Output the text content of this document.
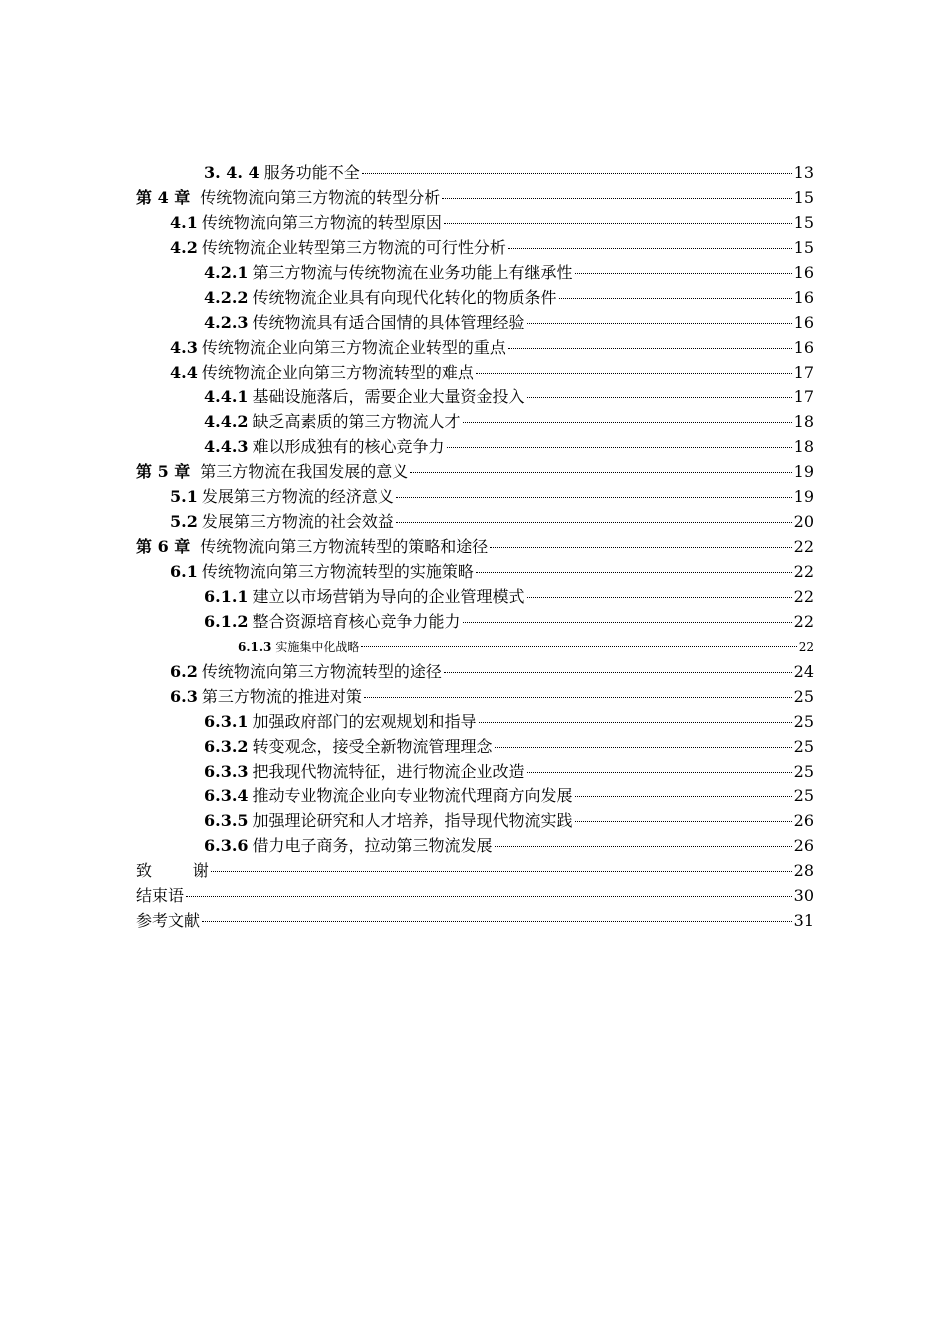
3. 4. 4 服务功能不全	13
第 4 章 传统物流向第三方物流的转型分析	15
4.1 传统物流向第三方物流的转型原因	15
4.2 传统物流企业转型第三方物流的可行性分析	15
4.2.1 第三方物流与传统物流在业务功能上有继承性	16
4.2.2 传统物流企业具有向现代化转化的物质条件	16
4.2.3 传统物流具有适合国情的具体管理经验	16
4.3 传统物流企业向第三方物流企业转型的重点	16
4.4 传统物流企业向第三方物流转型的难点	17
4.4.1 基础设施落后，需要企业大量资金投入	17
4.4.2 缺乏高素质的第三方物流人才	18
4.4.3 难以形成独有的核心竞争力	18
第 5 章 第三方物流在我国发展的意义	19
5.1 发展第三方物流的经济意义	19
5.2 发展第三方物流的社会效益	20
第 6 章 传统物流向第三方物流转型的策略和途径	22
6.1 传统物流向第三方物流转型的实施策略	22
6.1.1 建立以市场营销为导向的企业管理模式	22
6.1.2 整合资源培育核心竞争力能力	22
6.1.3 实施集中化战略	22
6.2 传统物流向第三方物流转型的途径	24
6.3 第三方物流的推进对策	25
6.3.1 加强政府部门的宏观规划和指导	25
6.3.2 转变观念，接受全新物流管理理念	25
6.3.3 把我现代物流特征，进行物流企业改造	25
6.3.4 推动专业物流企业向专业物流代理商方向发展	25
6.3.5 加强理论研究和人才培养，指导现代物流实践	26
6.3.6 借力电子商务，拉动第三物流发展	26
致        谢	28
结束语	30
参考文献	31
